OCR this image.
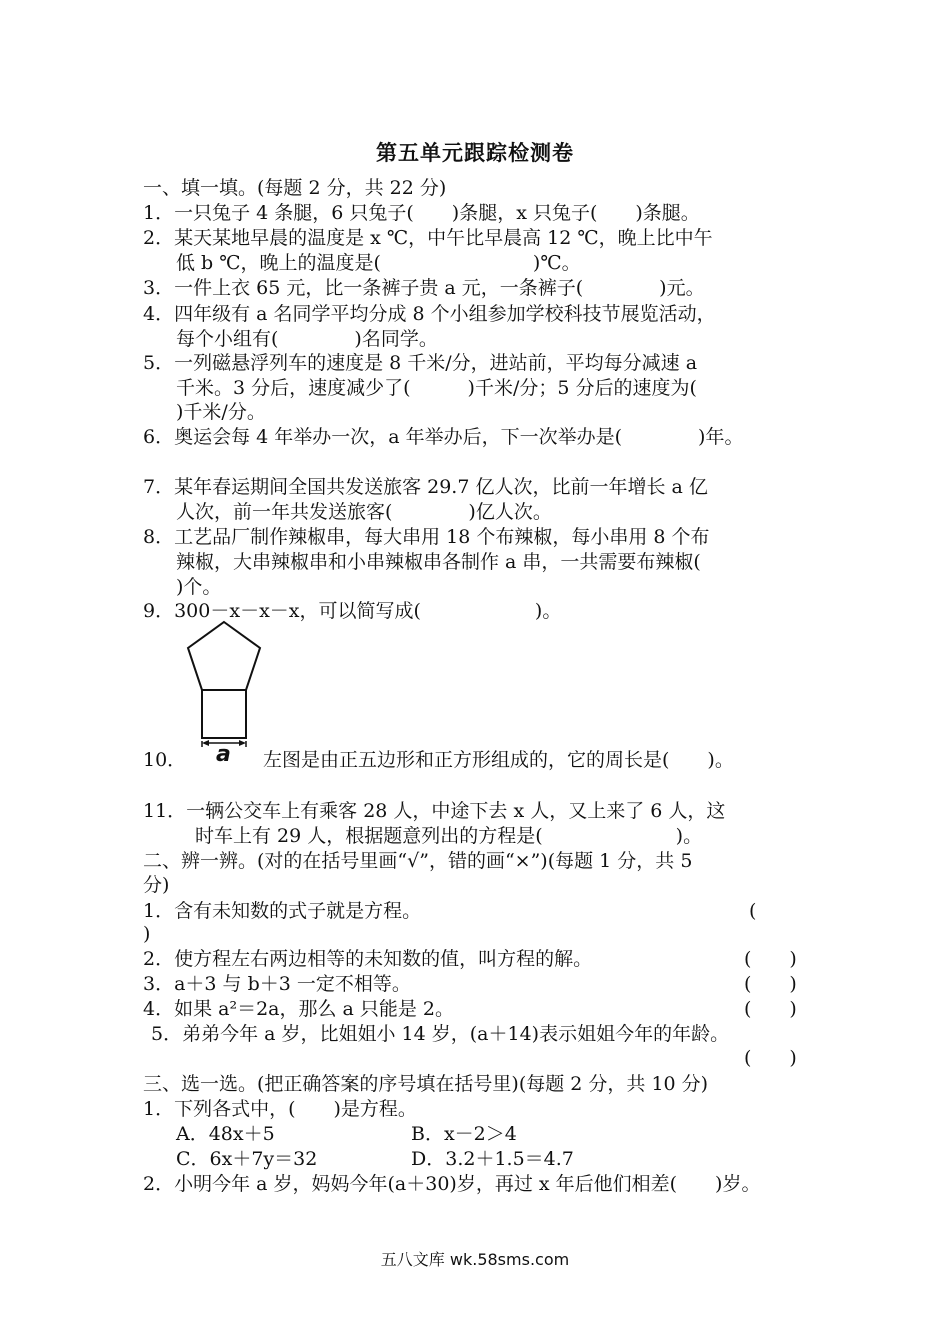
第五单元跟踪检测卷
一、填一填。(每题 2 分，共 22 分)
1．一只兔子 4 条腿，6 只兔子(　　)条腿，x 只兔子(　　)条腿。
2．某天某地早晨的温度是 x ℃，中午比早晨高 12 ℃，晚上比中午
低 b ℃，晚上的温度是(　　　　　　　　)℃。
3．一件上衣 65 元，比一条裤子贵 a 元，一条裤子(　　　　)元。
4．四年级有 a 名同学平均分成 8 个小组参加学校科技节展览活动，
每个小组有(　　　　)名同学。
5．一列磁悬浮列车的速度是 8 千米/分，进站前，平均每分减速 a
千米。3 分后，速度减少了(　　　)千米/分；5 分后的速度为(
)千米/分。
6．奥运会每 4 年举办一次，a 年举办后，下一次举办是(　　　　)年。
7．某年春运期间全国共发送旅客 29.7 亿人次，比前一年增长 a 亿
人次，前一年共发送旅客(　　　　)亿人次。
8．工艺品厂制作辣椒串，每大串用 18 个布辣椒，每小串用 8 个布
辣椒，大串辣椒串和小串辣椒串各制作 a 串，一共需要布辣椒(
)个。
9．300－x－x－x，可以简写成(　　　　　　)。
a
10．	左图是由正五边形和正方形组成的，它的周长是(　　)。
11．一辆公交车上有乘客 28 人，中途下去 x 人，又上来了 6 人，这
时车上有 29 人，根据题意列出的方程是(　　　　　　　)。
二、辨一辨。(对的在括号里画“√”，错的画“×”)(每题 1 分，共 5
分)
1．含有未知数的式子就是方程。	(
)
2．使方程左右两边相等的未知数的值，叫方程的解。	(　　)
3．a＋3 与 b＋3 一定不相等。	(　　)
4．如果 a²＝2a，那么 a 只能是 2。	(　　)
5．弟弟今年 a 岁，比姐姐小 14 岁，(a＋14)表示姐姐今年的年龄。
(　　)
三、选一选。(把正确答案的序号填在括号里)(每题 2 分，共 10 分)
1．下列各式中，(　　)是方程。
A．48x＋5	B．x－2＞4
C．6x＋7y＝32	D．3.2＋1.5＝4.7
2．小明今年 a 岁，妈妈今年(a＋30)岁，再过 x 年后他们相差(　　)岁。
五八文库 wk.58sms.com
